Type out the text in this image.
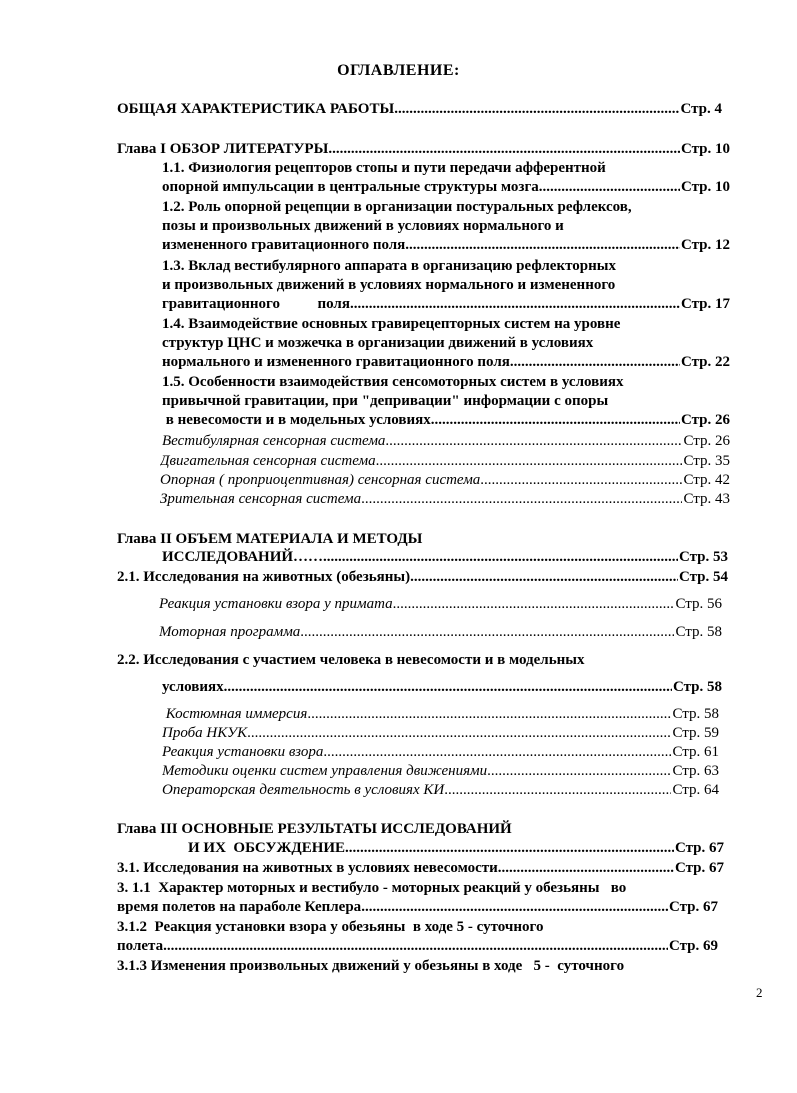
ОГЛАВЛЕНИЕ:
ОБЩАЯ ХАРАКТЕРИСТИКА РАБОТЫ .....	Стр. 4
Глава I ОБЗОР ЛИТЕРАТУРЫ .....	Стр. 10
1.1. Физиология рецепторов стопы и пути передачи афферентной
опорной импульсации в центральные структуры мозга .....	Стр. 10
1.2. Роль опорной рецепции в организации постуральных рефлексов,
позы и произвольных движений в условиях нормального и
измененного гравитационного поля .....	Стр. 12
1.3. Вклад вестибулярного аппарата в организацию рефлекторных
и произвольных движений в условиях нормального и измененного
гравитационного          поля .....	Стр. 17
1.4. Взаимодействие основных гравирецепторных систем на уровне
структур ЦНС и мозжечка в организации движений в условиях
нормального и измененного гравитационного поля .....	Стр. 22
1.5. Особенности взаимодействия сенсомоторных систем в условиях
привычной гравитации, при "депривации" информации с опоры
в невесомости и в модельных условиях .....	Стр. 26
Вестибулярная сенсорная система .....	Стр. 26
Двигательная сенсорная система .....	Стр. 35
Опорная ( проприоцептивная) сенсорная система .....	Стр. 42
Зрительная сенсорная система .....	Стр. 43
Глава II ОБЪЕМ МАТЕРИАЛА И МЕТОДЫ
ИССЛЕДОВАНИЙ…… .....	Стр. 53
2.1. Исследования на животных (обезьяны) .....	Стр. 54
Реакция установки взора у примата .....	Стр. 56
Моторная программа .....	Стр. 58
2.2. Исследования с участием человека в невесомости и в модельных
условиях .....	Стр. 58
Костюмная иммерсия .....	Стр. 58
Проба НКУК .....	Стр. 59
Реакция установки взора .....	Стр. 61
Методики оценки систем управления движениями .....	Стр. 63
Операторская деятельность в условиях КИ .....	Стр. 64
Глава III ОСНОВНЫЕ РЕЗУЛЬТАТЫ ИССЛЕДОВАНИЙ
И ИХ  ОБСУЖДЕНИЕ .....	Стр. 67
3.1. Исследования на животных в условиях невесомости .....	Стр. 67
3. 1.1  Характер моторных и вестибуло - моторных реакций у обезьяны   во
время полетов на параболе Кеплера .....	Стр. 67
3.1.2  Реакция установки взора у обезьяны  в ходе 5 - суточного
полета .....	Стр. 69
3.1.3 Изменения произвольных движений у обезьяны в ходе   5 -  суточного
2
